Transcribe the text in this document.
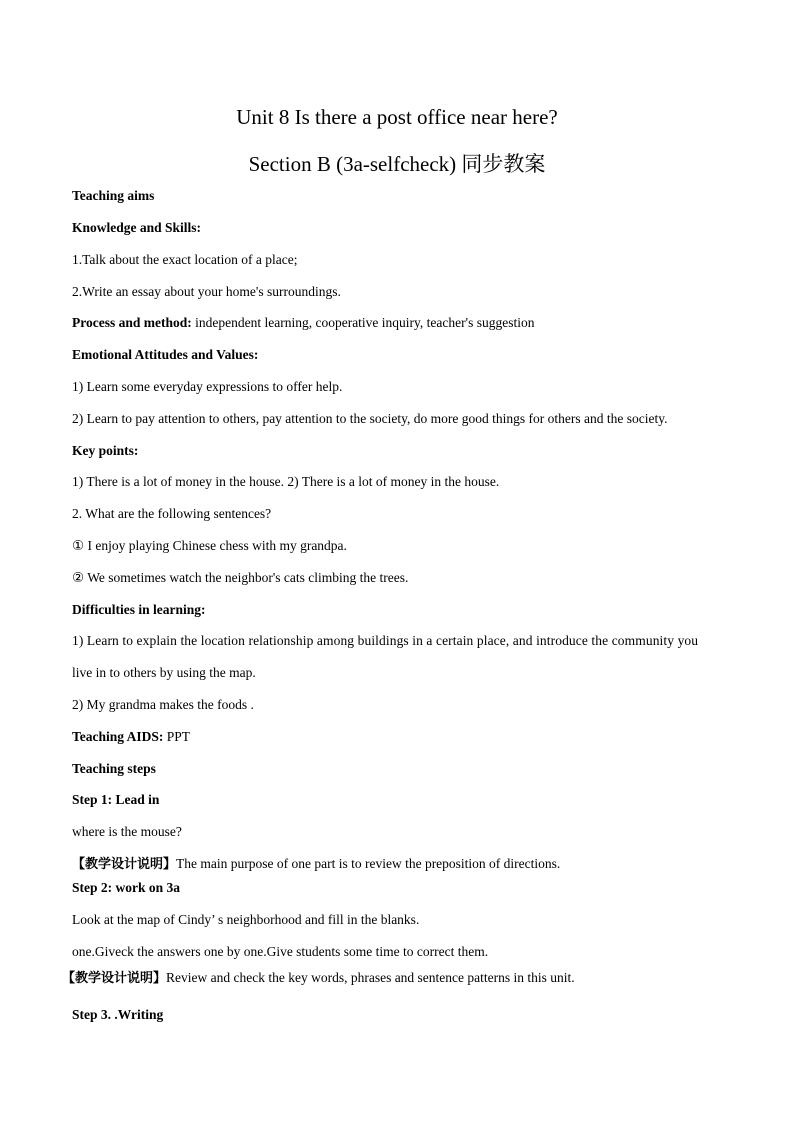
Unit 8 Is there a post office near here?
Section B (3a-selfcheck) 同步教案
Teaching aims
Knowledge and Skills:
1.Talk about the exact location of a place;
2.Write an essay about your home's surroundings.
Process and method: independent learning, cooperative inquiry, teacher's suggestion
Emotional Attitudes and Values:
1) Learn some everyday expressions to offer help.
2) Learn to pay attention to others, pay attention to the society, do more good things for others and the society.
Key points:
1) There is a lot of money in the house. 2) There is a lot of money in the house.
2. What are the following sentences?
① I enjoy playing Chinese chess with my grandpa.
② We sometimes watch the neighbor's cats climbing the trees.
Difficulties in learning:
1) Learn to explain the location relationship among buildings in a certain place, and introduce the community you
live in to others by using the map.
2) My grandma makes the foods .
Teaching AIDS: PPT
Teaching steps
Step 1: Lead in
where is the mouse?
【教学设计说明】The main purpose of one part is to review the preposition of directions.
Step 2: work on 3a
Look at the map of Cindy’ s neighborhood and fill in the blanks.
one.Giveck the answers one by one.Give students some time to correct them.
【教学设计说明】Review and check the key words, phrases and sentence patterns in this unit.
Step 3. .Writing
